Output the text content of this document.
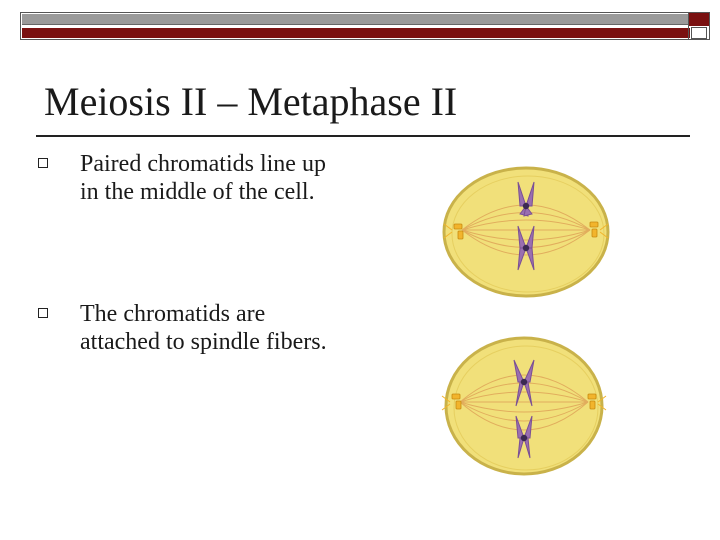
Meiosis II – Metaphase II
Paired chromatids line up in the middle of the cell.
The chromatids are attached to spindle fibers.
